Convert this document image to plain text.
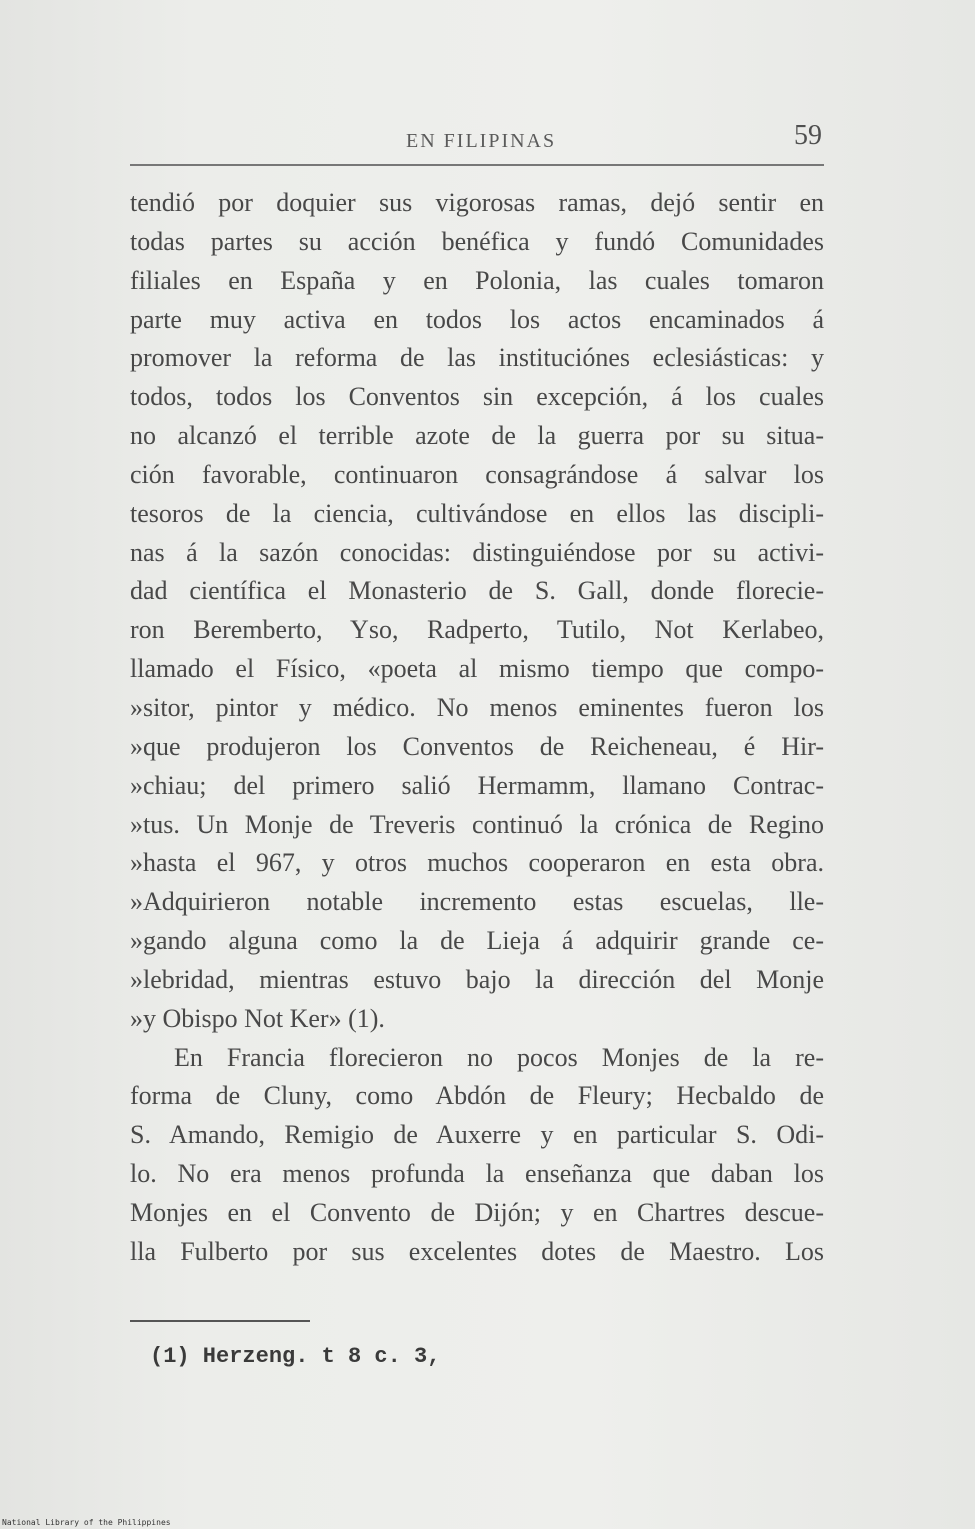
EN FILIPINAS	59
tendió por doquier sus vigorosas ramas, dejó sentir en
todas partes su acción benéfica y fundó Comunidades
filiales en España y en Polonia, las cuales tomaron
parte muy activa en todos los actos encaminados á
promover la reforma de las instituciónes eclesiásticas: y
todos, todos los Conventos sin excepción, á los cuales
no alcanzó el terrible azote de la guerra por su situa-
ción favorable, continuaron consagrándose á salvar los
tesoros de la ciencia, cultivándose en ellos las discipli-
nas á la sazón conocidas: distinguiéndose por su activi-
dad científica el Monasterio de S. Gall, donde florecie-
ron Beremberto, Yso, Radperto, Tutilo, Not Kerlabeo,
llamado el Físico, «poeta al mismo tiempo que compo-
»sitor, pintor y médico. No menos eminentes fueron los
»que produjeron los Conventos de Reicheneau, é Hir-
»chiau; del primero salió Hermamm, llamano Contrac-
»tus. Un Monje de Treveris continuó la crónica de Regino
»hasta el 967, y otros muchos cooperaron en esta obra.
»Adquirieron notable incremento estas escuelas, lle-
»gando alguna como la de Lieja á adquirir grande ce-
»lebridad, mientras estuvo bajo la dirección del Monje
»y Obispo Not Ker» (1).
En Francia florecieron no pocos Monjes de la re-
forma de Cluny, como Abdón de Fleury; Hecbaldo de
S. Amando, Remigio de Auxerre y en particular S. Odi-
lo. No era menos profunda la enseñanza que daban los
Monjes en el Convento de Dijón; y en Chartres descue-
lla Fulberto por sus excelentes dotes de Maestro. Los
(1) Herzeng. t 8 c. 3,
National Library of the Philippines
